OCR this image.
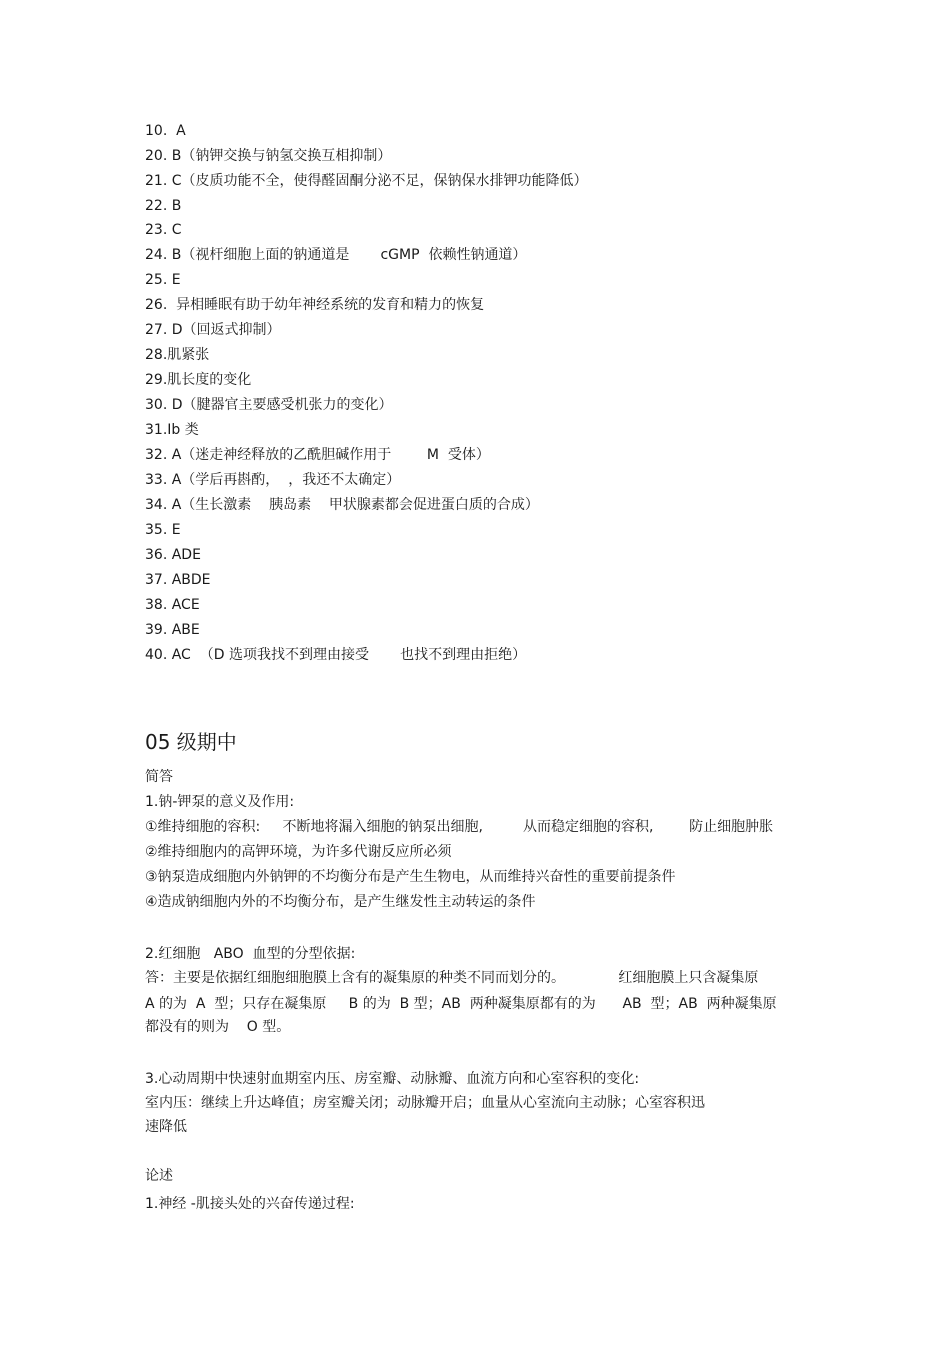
10.  A
20. B（钠钾交换与钠氢交换互相抑制）
21. C（皮质功能不全，使得醛固酮分泌不足，保钠保水排钾功能降低）
22. B
23. C
24. B（视杆细胞上面的钠通道是       cGMP  依赖性钠通道）
25. E
26.  异相睡眠有助于幼年神经系统的发育和精力的恢复
27. D（回返式抑制）
28.肌紧张
29.肌长度的变化
30. D（腱器官主要感受机张力的变化）
31.Ib 类
32. A（迷走神经释放的乙酰胆碱作用于        M  受体）
33. A（学后再斟酌，  ，我还不太确定）
34. A（生长激素    胰岛素    甲状腺素都会促进蛋白质的合成）
35. E
36. ADE
37. ABDE
38. ACE
39. ABE
40. AC  （D 选项我找不到理由接受       也找不到理由拒绝）
05 级期中
简答
1.钠-钾泵的意义及作用:
①维持细胞的容积:     不断地将漏入细胞的钠泵出细胞,         从而稳定细胞的容积,        防止细胞肿胀
②维持细胞内的高钾环境，为许多代谢反应所必须
③钠泵造成细胞内外钠钾的不均衡分布是产生生物电，从而维持兴奋性的重要前提条件
④造成钠细胞内外的不均衡分布，是产生继发性主动转运的条件
2.红细胞   ABO  血型的分型依据:
答：主要是依据红细胞细胞膜上含有的凝集原的种类不同而划分的。            红细胞膜上只含凝集原
A 的为  A  型；只存在凝集原     B 的为  B 型；AB  两种凝集原都有的为      AB  型；AB  两种凝集原
都没有的则为    O 型。
3.心动周期中快速射血期室内压、房室瓣、动脉瓣、血流方向和心室容积的变化:
室内压：继续上升达峰值；房室瓣关闭；动脉瓣开启；血量从心室流向主动脉；心室容积迅
速降低
论述
1.神经 -肌接头处的兴奋传递过程:
